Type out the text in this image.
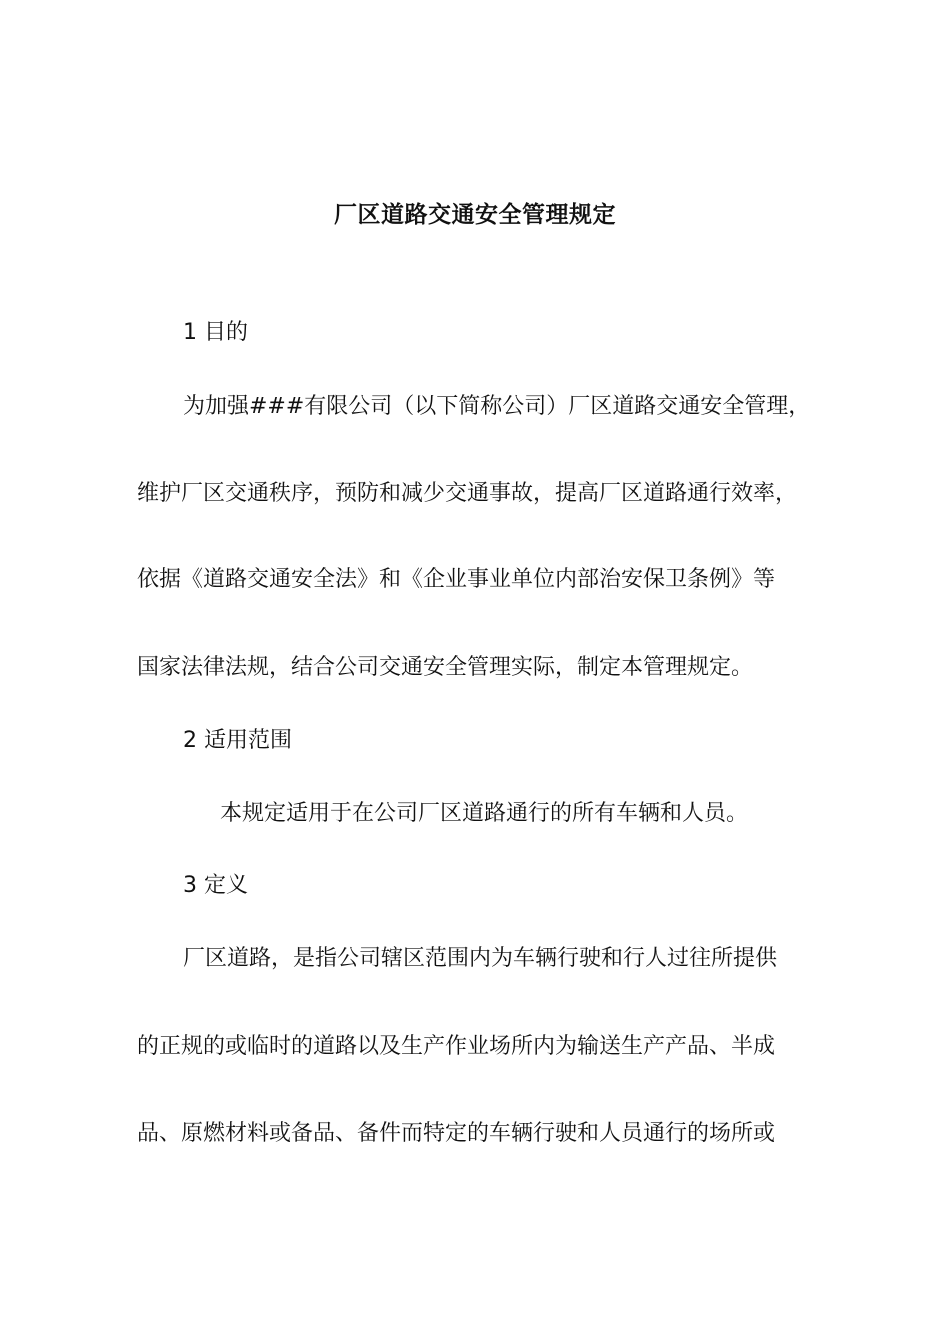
厂区道路交通安全管理规定
1 目的
为加强###有限公司（以下简称公司）厂区道路交通安全管理，
维护厂区交通秩序，预防和减少交通事故，提高厂区道路通行效率，
依据《道路交通安全法》和《企业事业单位内部治安保卫条例》等
国家法律法规，结合公司交通安全管理实际，制定本管理规定。
2 适用范围
本规定适用于在公司厂区道路通行的所有车辆和人员。
3 定义
厂区道路，是指公司辖区范围内为车辆行驶和行人过往所提供
的正规的或临时的道路以及生产作业场所内为输送生产产品、半成
品、原燃材料或备品、备件而特定的车辆行驶和人员通行的场所或
